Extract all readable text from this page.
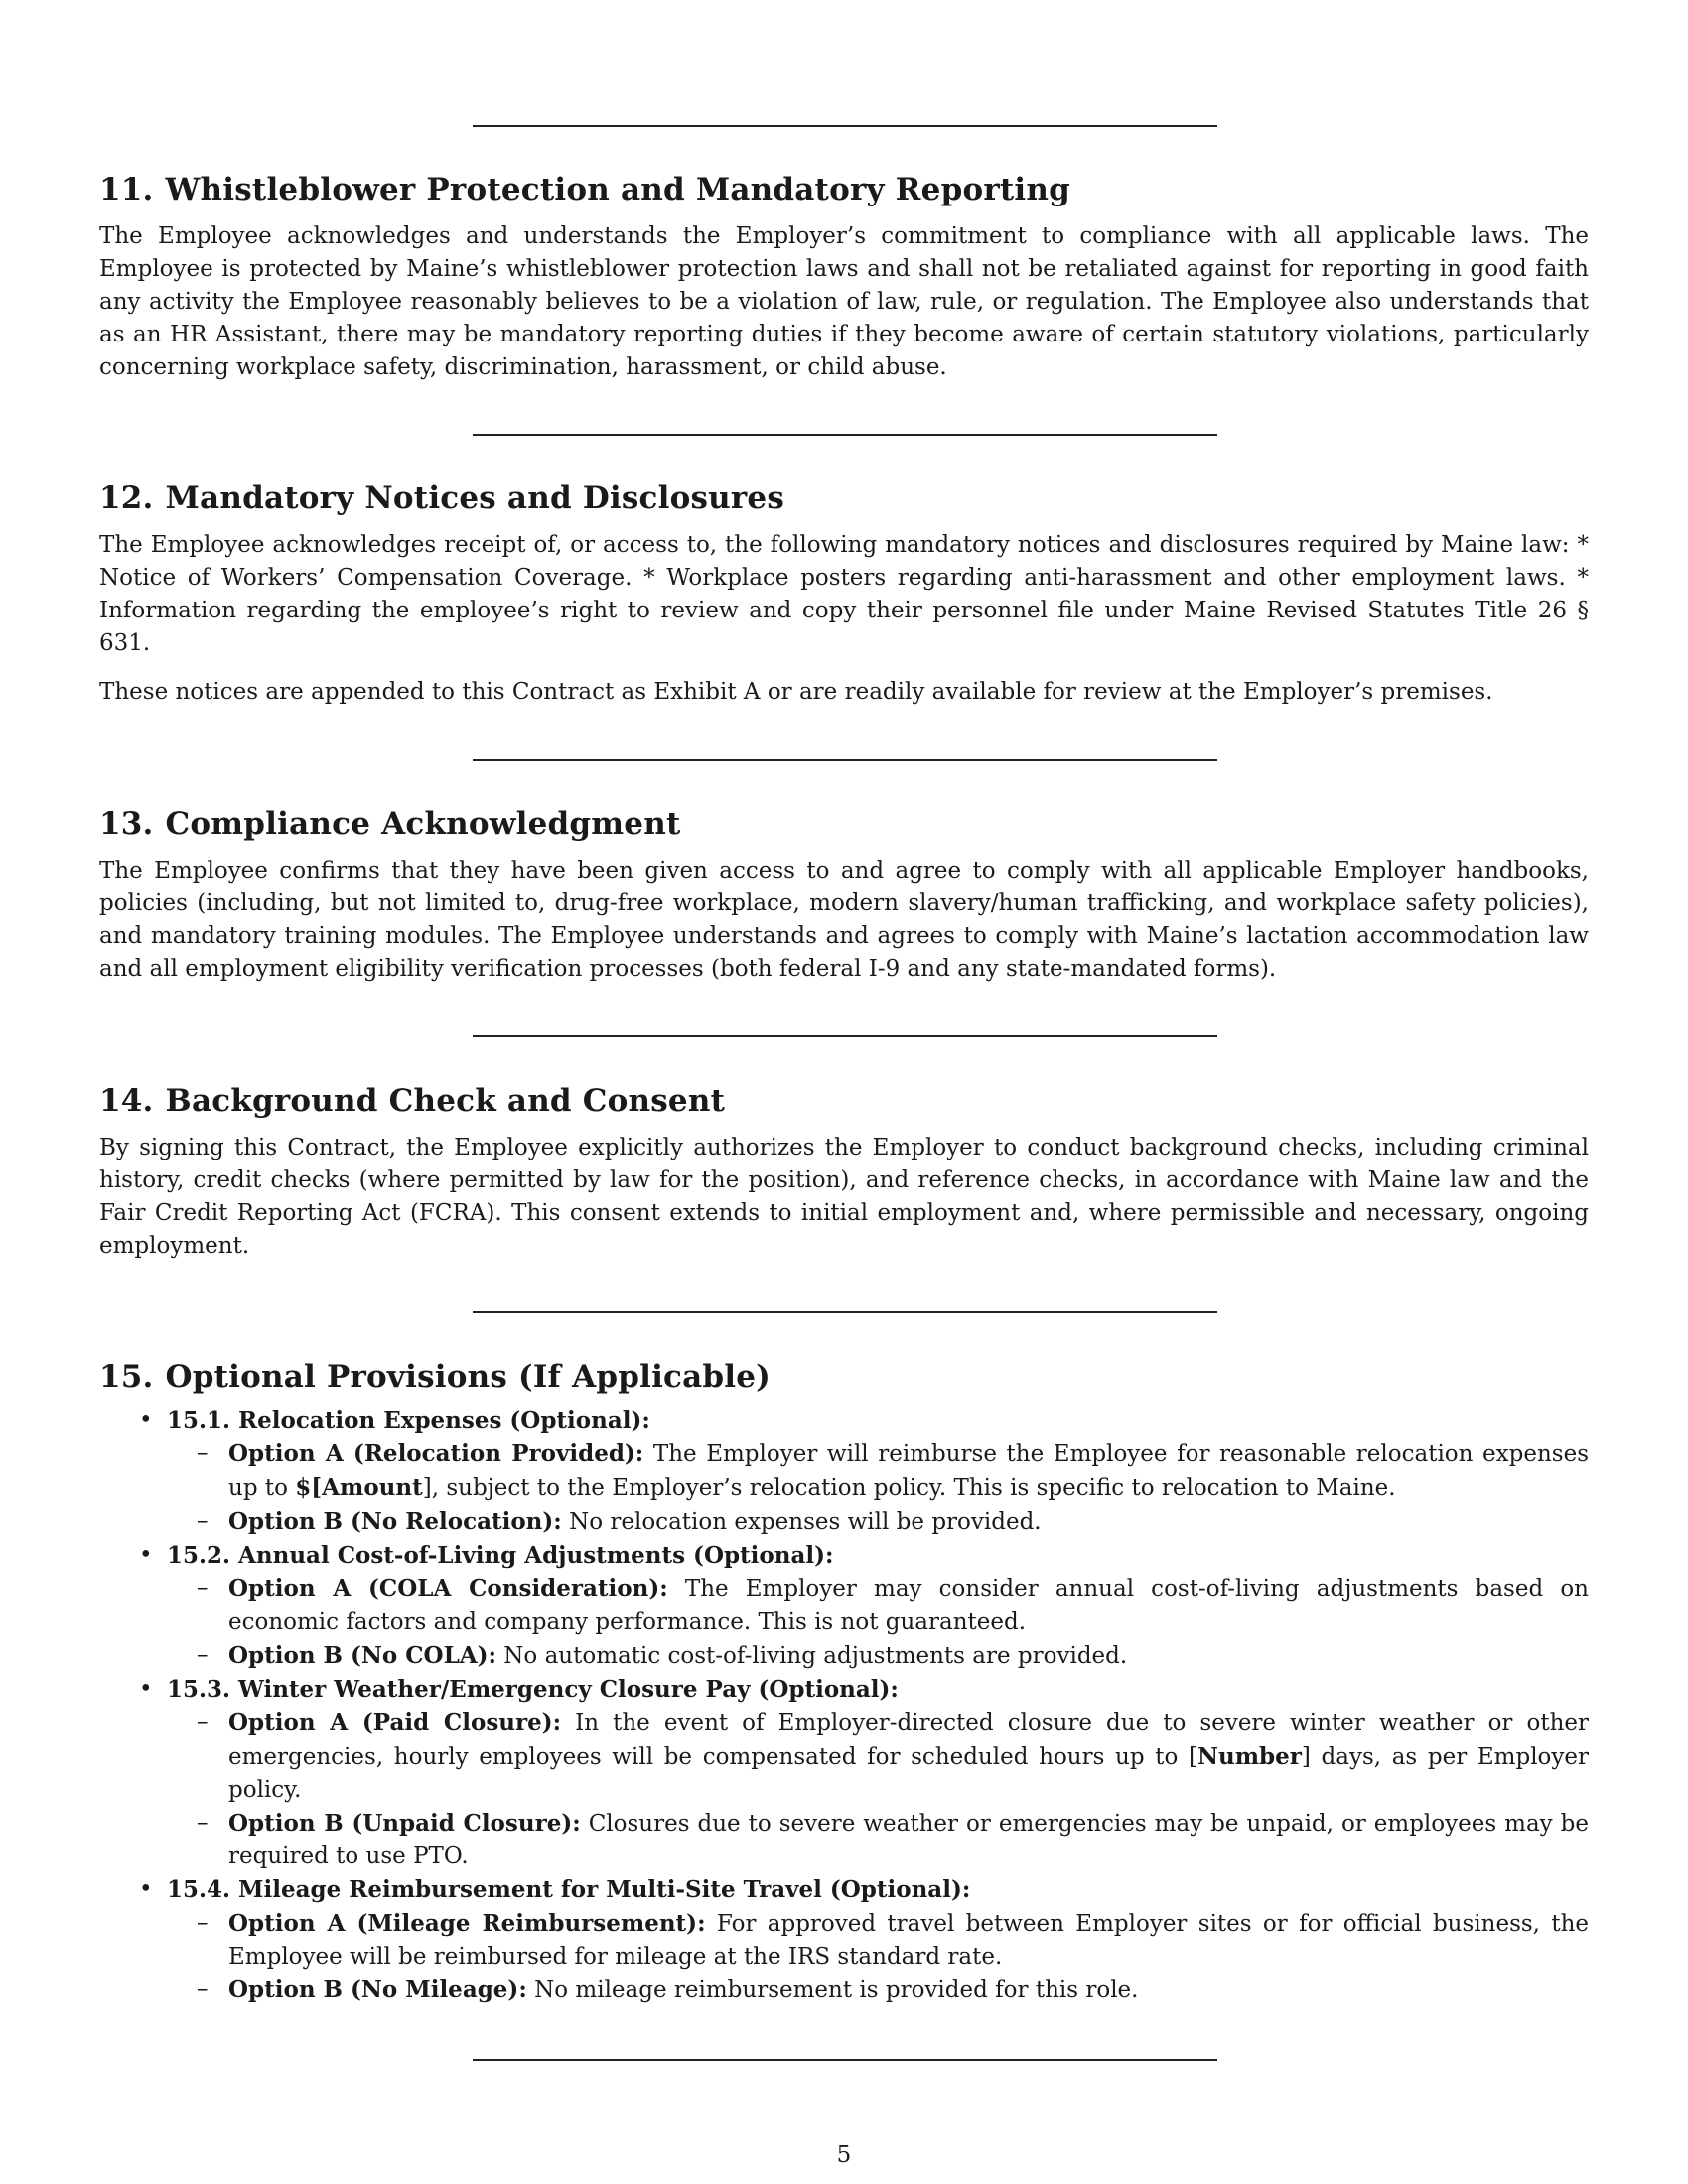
11. Whistleblower Protection and Mandatory Reporting

The Employee acknowledges and understands the Employer’s commitment to compliance with all applicable laws. The Employee is protected by Maine’s whistleblower protection laws and shall not be retaliated against for reporting in good faith any activity the Employee reasonably believes to be a violation of law, rule, or regulation. The Employee also understands that as an HR Assistant, there may be mandatory reporting duties if they become aware of certain statutory violations, particularly concerning workplace safety, discrimination, harassment, or child abuse.

12. Mandatory Notices and Disclosures

The Employee acknowledges receipt of, or access to, the following mandatory notices and disclosures required by Maine law: * Notice of Workers’ Compensation Coverage. * Workplace posters regarding anti-harassment and other employment laws. * Information regarding the employee’s right to review and copy their personnel file under Maine Revised Statutes Title 26 § 631.

These notices are appended to this Contract as Exhibit A or are readily available for review at the Employer’s premises.

13. Compliance Acknowledgment

The Employee confirms that they have been given access to and agree to comply with all applicable Employer handbooks, policies (including, but not limited to, drug-free workplace, modern slavery/human trafficking, and workplace safety policies), and mandatory training modules. The Employee understands and agrees to comply with Maine’s lactation accommodation law and all employment eligibility verification processes (both federal I-9 and any state-mandated forms).

14. Background Check and Consent

By signing this Contract, the Employee explicitly authorizes the Employer to conduct background checks, including criminal history, credit checks (where permitted by law for the position), and reference checks, in accordance with Maine law and the Fair Credit Reporting Act (FCRA). This consent extends to initial employment and, where permissible and necessary, ongoing employment.

15. Optional Provisions (If Applicable)
• 15.1. Relocation Expenses (Optional):
– Option A (Relocation Provided): The Employer will reimburse the Employee for reasonable relocation expenses up to $[Amount], subject to the Employer’s relocation policy. This is specific to relocation to Maine.
– Option B (No Relocation): No relocation expenses will be provided.
• 15.2. Annual Cost-of-Living Adjustments (Optional):
– Option A (COLA Consideration): The Employer may consider annual cost-of-living adjustments based on economic factors and company performance. This is not guaranteed.
– Option B (No COLA): No automatic cost-of-living adjustments are provided.
• 15.3. Winter Weather/Emergency Closure Pay (Optional):
– Option A (Paid Closure): In the event of Employer-directed closure due to severe winter weather or other emergencies, hourly employees will be compensated for scheduled hours up to [Number] days, as per Employer policy.
– Option B (Unpaid Closure): Closures due to severe weather or emergencies may be unpaid, or employees may be required to use PTO.
• 15.4. Mileage Reimbursement for Multi-Site Travel (Optional):
– Option A (Mileage Reimbursement): For approved travel between Employer sites or for official business, the Employee will be reimbursed for mileage at the IRS standard rate.
– Option B (No Mileage): No mileage reimbursement is provided for this role.
5
